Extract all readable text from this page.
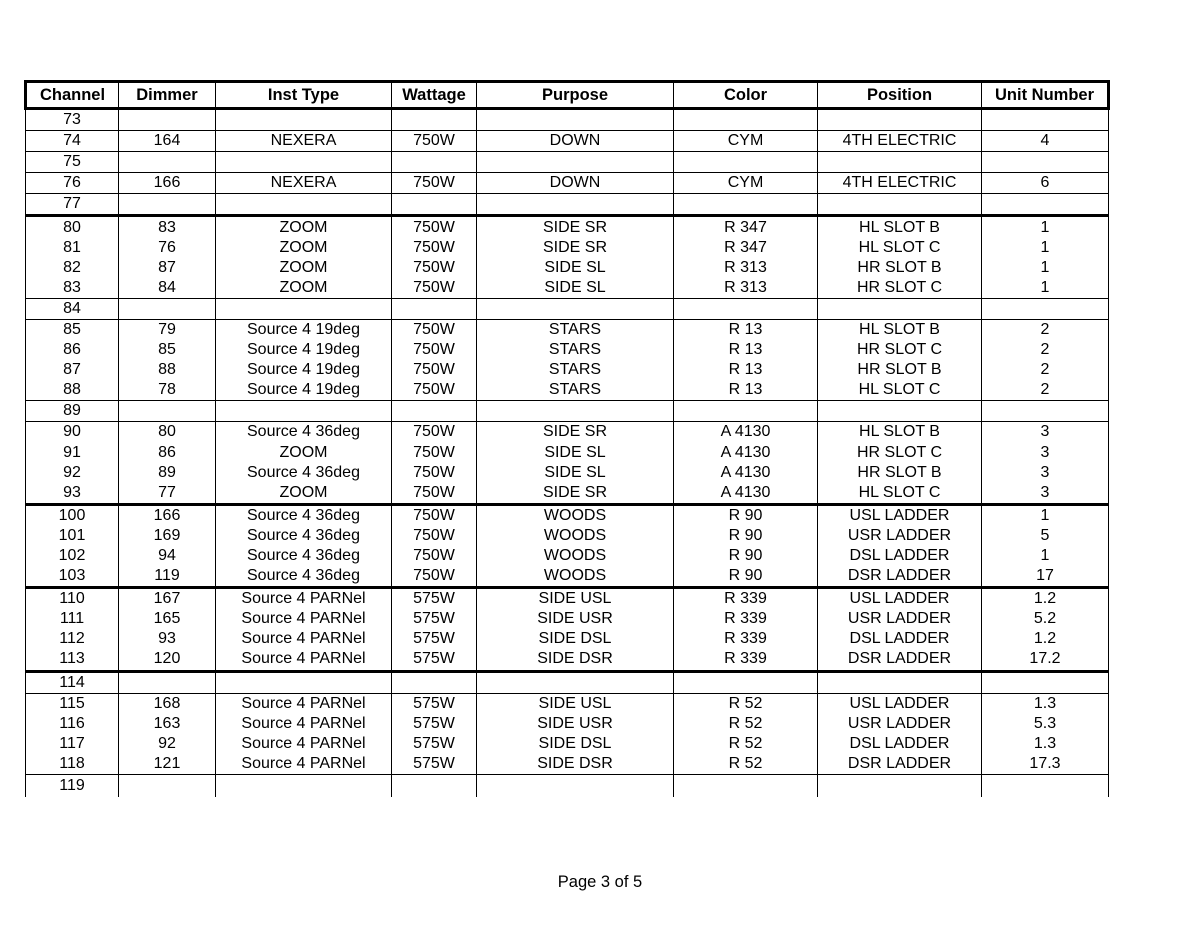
Channel	Dimmer	Inst Type	Wattage	Purpose	Color	Position	Unit Number
73							
74	164	NEXERA	750W	DOWN	CYM	4TH ELECTRIC	4
75							
76	166	NEXERA	750W	DOWN	CYM	4TH ELECTRIC	6
77							
80	83	ZOOM	750W	SIDE SR	R 347	HL SLOT B	1
81	76	ZOOM	750W	SIDE SR	R 347	HL SLOT C	1
82	87	ZOOM	750W	SIDE SL	R 313	HR SLOT B	1
83	84	ZOOM	750W	SIDE SL	R 313	HR SLOT C	1
84							
85	79	Source 4 19deg	750W	STARS	R 13	HL SLOT B	2
86	85	Source 4 19deg	750W	STARS	R 13	HR SLOT C	2
87	88	Source 4 19deg	750W	STARS	R 13	HR SLOT B	2
88	78	Source 4 19deg	750W	STARS	R 13	HL SLOT C	2
89							
90	80	Source 4 36deg	750W	SIDE SR	A 4130	HL SLOT B	3
91	86	ZOOM	750W	SIDE SL	A 4130	HR SLOT C	3
92	89	Source 4 36deg	750W	SIDE SL	A 4130	HR SLOT B	3
93	77	ZOOM	750W	SIDE SR	A 4130	HL SLOT C	3
100	166	Source 4 36deg	750W	WOODS	R 90	USL LADDER	1
101	169	Source 4 36deg	750W	WOODS	R 90	USR LADDER	5
102	94	Source 4 36deg	750W	WOODS	R 90	DSL LADDER	1
103	119	Source 4 36deg	750W	WOODS	R 90	DSR LADDER	17
110	167	Source 4 PARNel	575W	SIDE USL	R 339	USL LADDER	1.2
111	165	Source 4 PARNel	575W	SIDE USR	R 339	USR LADDER	5.2
112	93	Source 4 PARNel	575W	SIDE DSL	R 339	DSL LADDER	1.2
113	120	Source 4 PARNel	575W	SIDE DSR	R 339	DSR LADDER	17.2
114							
115	168	Source 4 PARNel	575W	SIDE USL	R 52	USL LADDER	1.3
116	163	Source 4 PARNel	575W	SIDE USR	R 52	USR LADDER	5.3
117	92	Source 4 PARNel	575W	SIDE DSL	R 52	DSL LADDER	1.3
118	121	Source 4 PARNel	575W	SIDE DSR	R 52	DSR LADDER	17.3
119							
Page 3 of 5
